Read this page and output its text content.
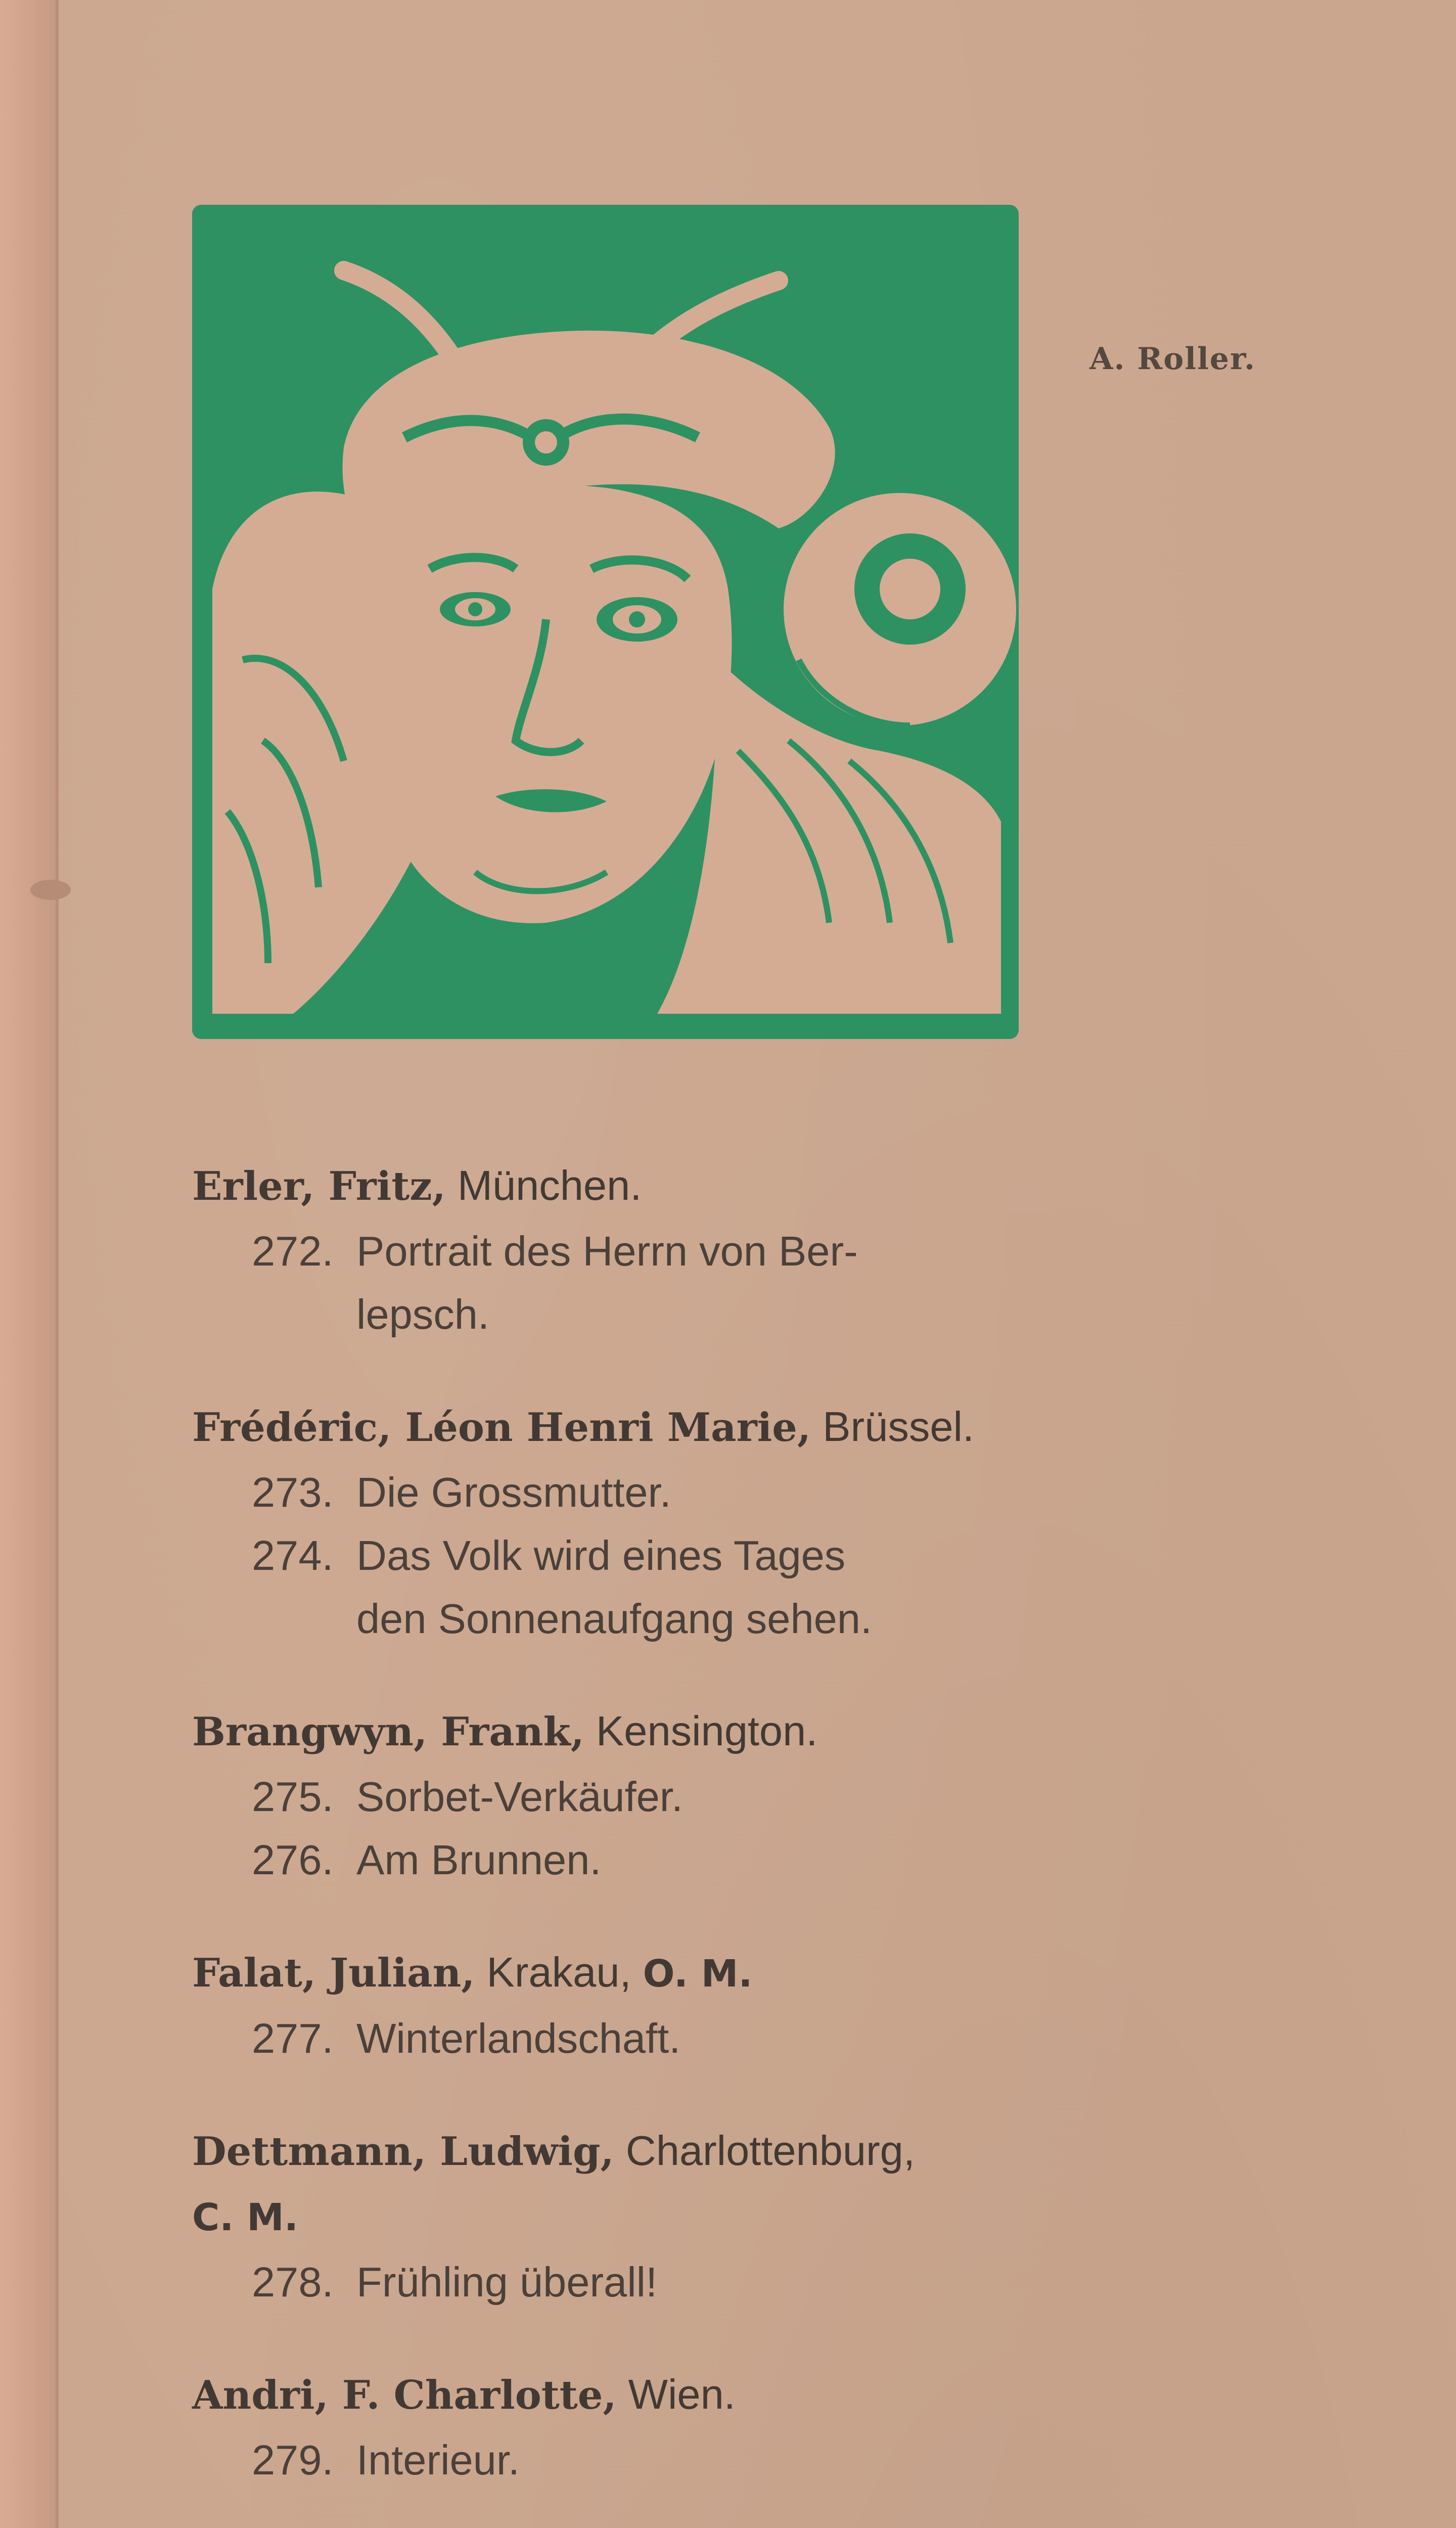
AR
A. Roller.
Erler, Fritz, München.
272. Portrait des Herrn von Ber-
lepsch.
Frédéric, Léon Henri Marie, Brüssel.
273. Die Grossmutter.
274. Das Volk wird eines Tages
den Sonnenaufgang sehen.
Brangwyn, Frank, Kensington.
275. Sorbet-Verkäufer.
276. Am Brunnen.
Falat, Julian, Krakau, O. M.
277. Winterlandschaft.
Dettmann, Ludwig, Charlottenburg,
C. M.
278. Frühling überall!
Andri, F. Charlotte, Wien.
279. Interieur.
